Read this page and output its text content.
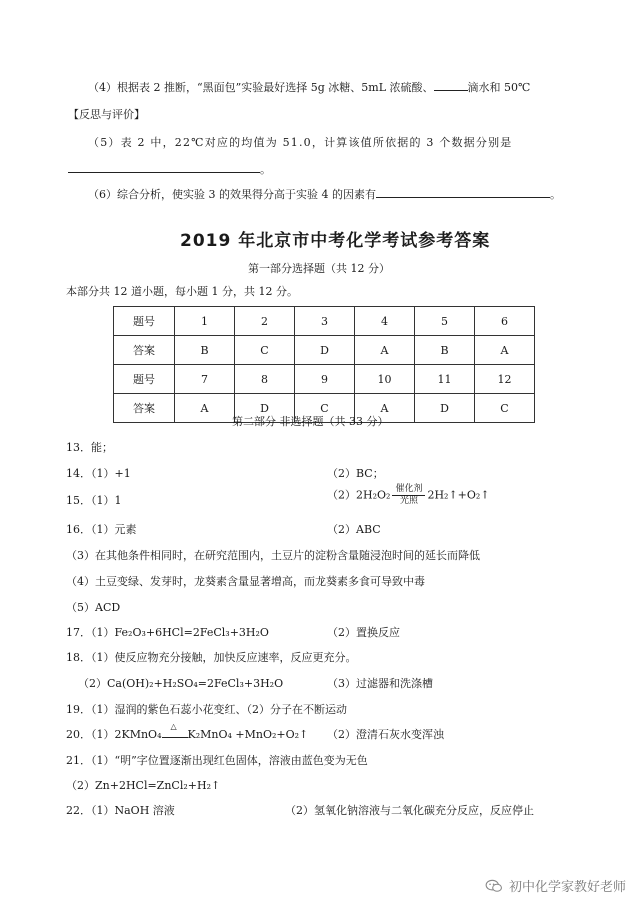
（4）根据表 2 推断，“黑面包”实验最好选择 5g 冰糖、5mL 浓硫酸、	滴水和 50℃
【反思与评价】
（5）表 2 中，22℃对应的均值为 51.0，计算该值所依据的 3 个数据分别是
。
（6）综合分析，使实验 3 的效果得分高于实验 4 的因素有	。
2019 年北京市中考化学考试参考答案
第一部分选择题（共 12 分）
本部分共 12 道小题，每小题 1 分，共 12 分。
题号	1	2	3	4	5	6
答案	B	C	D	A	B	A
题号	7	8	9	10	11	12
答案	A	D	C	A	D	C
第二部分 非选择题（共 33 分）
13．能；
14．（1）+1	（2）BC；
15．（1）1	$(2)2H_2O_2 \frac{\text{催化剂}}{\text{光照}}$ 2H₂↑+O₂↑
16．（1）元素	（2）ABC
（3）在其他条件相同时，在研究范围内，土豆片的淀粉含量随浸泡时间的延长而降低
（4）土豆变绿、发芽时，龙葵素含量显著增高，而龙葵素多食可导致中毒
（5）ACD
17．（1）Fe₂O₃+6HCl=2FeCl₃+3H₂O	（2）置换反应
18．（1）使反应物充分接触，加快反应速率，反应更充分。
（2）Ca(OH)₂+H₂SO₄=2FeCl₃+3H₂O	（3）过滤器和洗涤槽
19．（1）湿润的紫色石蕊小花变红、（2）分子在不断运动
20．（1）2KMnO₄
△
K₂MnO₄ +MnO₂+O₂↑ （2）澄清石灰水变浑浊
21．（1）“明”字位置逐渐出现红色固体，溶液由蓝色变为无色
（2）Zn+2HCl=ZnCl₂+H₂↑
22．（1）NaOH 溶液	（2）氢氧化钠溶液与二氧化碳充分反应，反应停止
初中化学家教好老师
